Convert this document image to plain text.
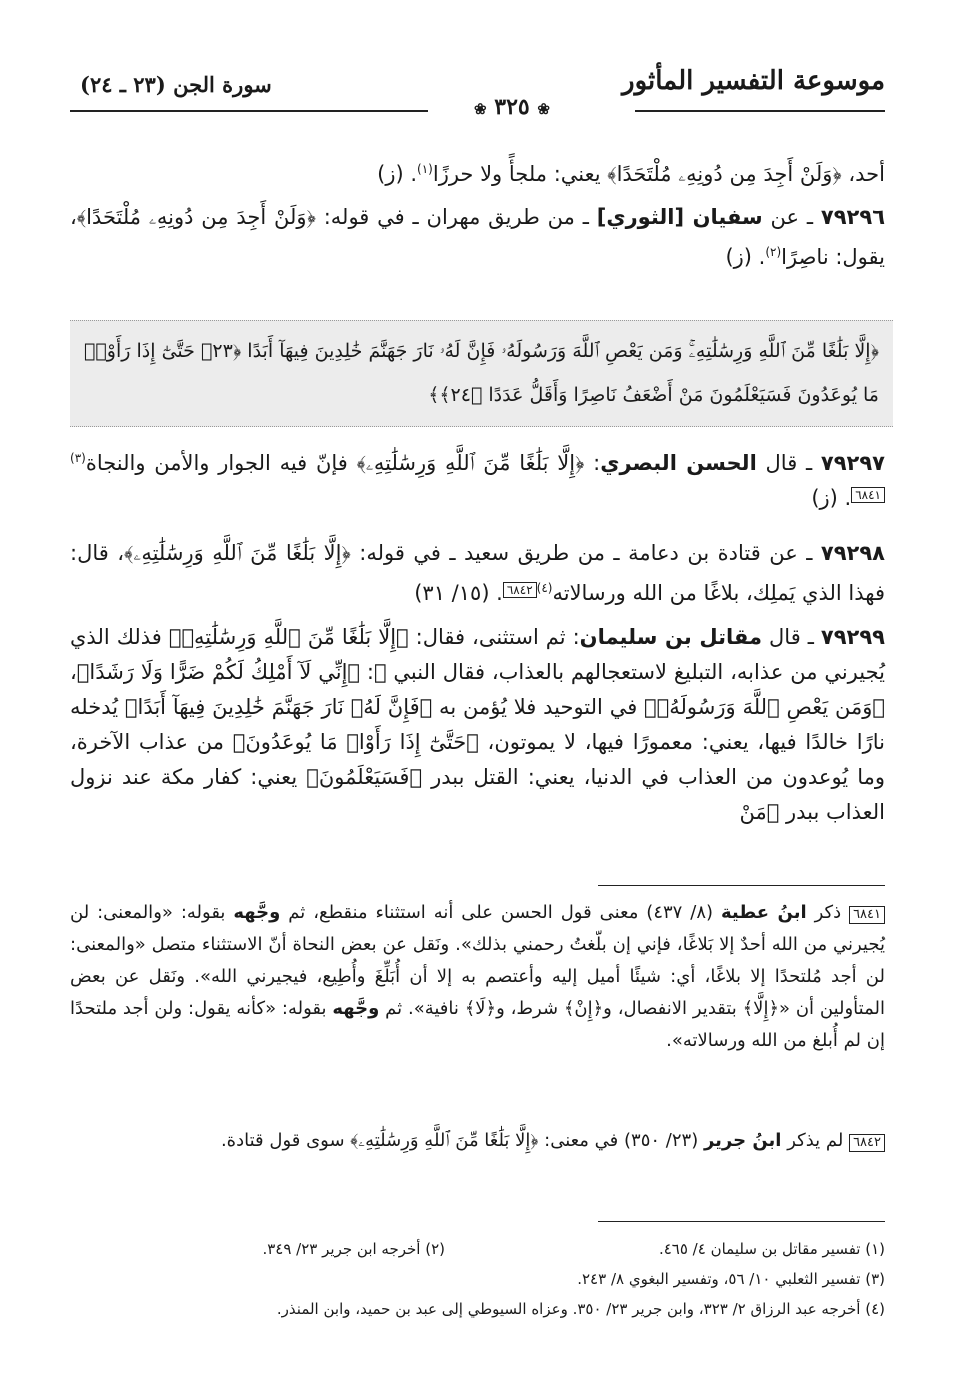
موسوعة التفسير المأثور
سورة الجن (٢٣ ـ ٢٤)
❀ ٣٢٥ ❀
أحد، ﴿وَلَنْ أَجِدَ مِن دُونِهِۦ مُلْتَحَدًا﴾ يعني: ملجأً ولا حرزًا$^{(١)}$. (ز)
٧٩٢٩٦ ـ عن سفيان [الثوري] ـ من طريق مهران ـ في قوله: ﴿وَلَنْ أَجِدَ مِن دُونِهِۦ مُلْتَحَدًا﴾، يقول: ناصِرًا$^{(٢)}$. (ز)
﴿إِلَّا بَلَٰغًا مِّنَ ٱللَّهِ وَرِسَٰلَٰتِهِۦۚ وَمَن يَعْصِ ٱللَّهَ وَرَسُولَهُۥ فَإِنَّ لَهُۥ نَارَ جَهَنَّمَ خَٰلِدِينَ فِيهَآ أَبَدًا ﴿٢٣﴾ حَتَّىٰٓ إِذَا رَأَوْا۟ مَا يُوعَدُونَ فَسَيَعْلَمُونَ مَنْ أَضْعَفُ نَاصِرًا وَأَقَلُّ عَدَدًا ﴿٢٤﴾﴾
٧٩٢٩٧ ـ قال الحسن البصري: ﴿إِلَّا بَلَٰغًا مِّنَ ٱللَّهِ وَرِسَٰلَٰتِهِۦ﴾ فإنّ فيه الجوار والأمن والنجاة$^{(٣)}$٦٨٤١. (ز)
٧٩٢٩٨ ـ عن قتادة بن دعامة ـ من طريق سعيد ـ في قوله: ﴿إِلَّا بَلَٰغًا مِّنَ ٱللَّهِ وَرِسَٰلَٰتِهِۦ﴾، قال: فهذا الذي يَملِك، بلاغًا من الله ورسالاته$^{(٤)}$٦٨٤٢. (١٥/ ٣١)
٧٩٢٩٩ ـ قال مقاتل بن سليمان: ثم استثنى، فقال: ﴿إِلَّا بَلَٰغًا مِّنَ ٱللَّهِ وَرِسَٰلَٰتِهِۦ﴾ فذلك الذي يُجيرني من عذابه، التبليغ لاستعجالهم بالعذاب، فقال النبي ﷺ: ﴿إِنِّي لَآ أَمْلِكُ لَكُمْ ضَرًّا وَلَا رَشَدًا﴾، ﴿وَمَن يَعْصِ ٱللَّهَ وَرَسُولَهُۥ﴾ في التوحيد فلا يُؤمن به ﴿فَإِنَّ لَهُۥ نَارَ جَهَنَّمَ خَٰلِدِينَ فِيهَآ أَبَدًا﴾ يُدخله نارًا خالدًا فيها، يعني: معمورًا فيها، لا يموتون، ﴿حَتَّىٰٓ إِذَا رَأَوْا۟ مَا يُوعَدُونَ﴾ من عذاب الآخرة، وما يُوعدون من العذاب في الدنيا، يعني: القتل ببدر ﴿فَسَيَعْلَمُونَ﴾ يعني: كفار مكة عند نزول العذاب ببدر ﴿مَنْ
٦٨٤١ ذكر ابنُ عطية (٨/ ٤٣٧) معنى قول الحسن على أنه استثناء منقطع، ثم وجَّهه بقوله: «والمعنى: لن يُجيرني من الله أحدٌ إلا بَلاغًا، فإني إن بلّغتُ رحمني بذلك». ونَقل عن بعض النحاة أنّ الاستثناء متصل «والمعنى: لن أجد مُلتحدًا إلا بلاغًا، أي: شيئًا أميل إليه وأعتصم به إلا أن أُبَلِّغَ وأُطِيع، فيجيرني الله». ونَقل عن بعض المتأولين أن «﴿إِلَّا﴾ بتقدير الانفصال، و﴿إِنْ﴾ شرط، و﴿لَا﴾ نافية». ثم وجَّهه بقوله: «كأنه يقول: ولن أجد ملتحدًا إن لم أُبلغ من الله ورسالاته».
٦٨٤٢ لم يذكر ابنُ جرير (٢٣/ ٣٥٠) في معنى: ﴿إِلَّا بَلَٰغًا مِّنَ ٱللَّهِ وَرِسَٰلَٰتِهِۦ﴾ سوى قول قتادة.
(١) تفسير مقاتل بن سليمان ٤/ ٤٦٥.
(٢) أخرجه ابن جرير ٢٣/ ٣٤٩.
(٣) تفسير الثعلبي ١٠/ ٥٦، وتفسير البغوي ٨/ ٢٤٣.
(٤) أخرجه عبد الرزاق ٢/ ٣٢٣، وابن جرير ٢٣/ ٣٥٠. وعزاه السيوطي إلى عبد بن حميد، وابن المنذر.
